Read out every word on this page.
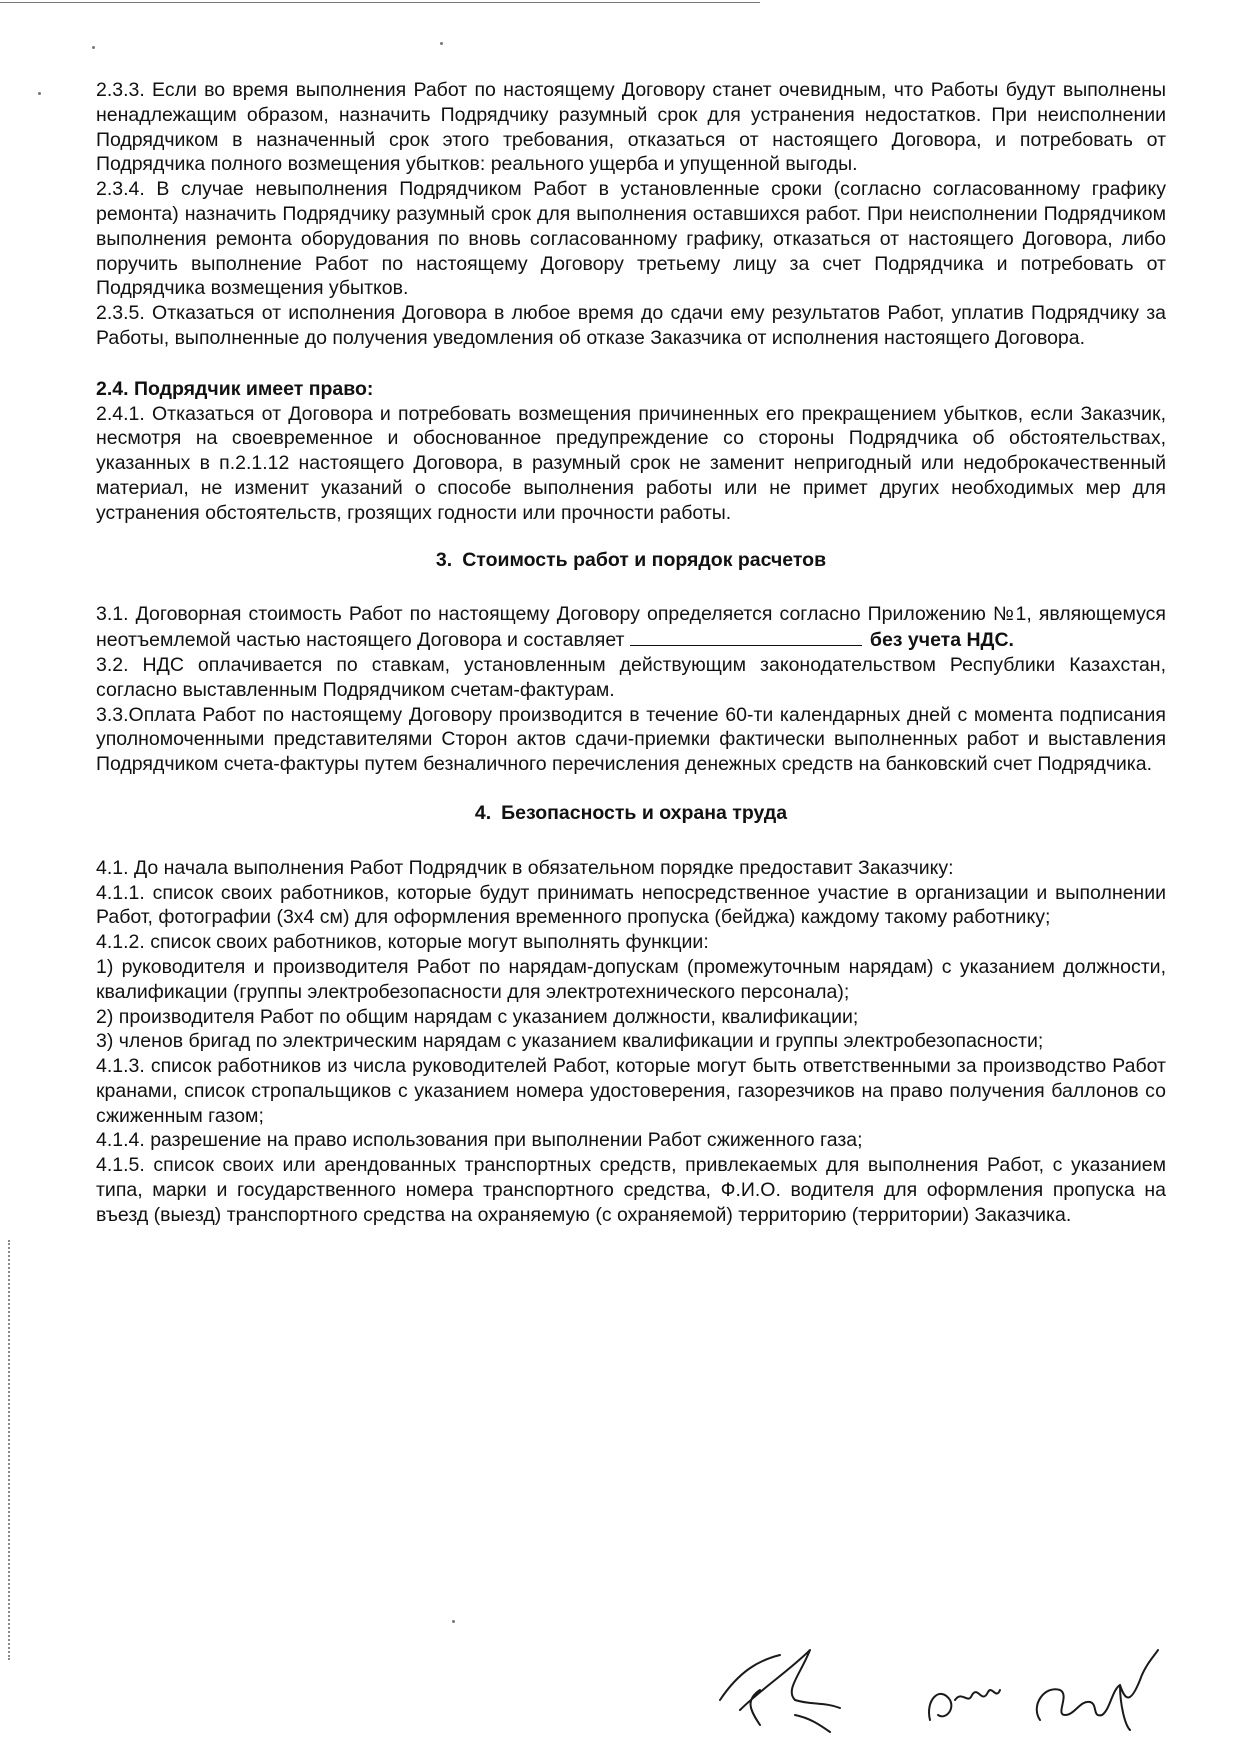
2.3.3. Если во время выполнения Работ по настоящему Договору станет очевидным, что Работы будут выполнены ненадлежащим образом, назначить Подрядчику разумный срок для устранения недостатков. При неисполнении Подрядчиком в назначенный срок этого требования, отказаться от настоящего Договора, и потребовать от Подрядчика полного возмещения убытков: реального ущерба и упущенной выгоды.

2.3.4. В случае невыполнения Подрядчиком Работ в установленные сроки (согласно согласованному графику ремонта) назначить Подрядчику разумный срок для выполнения оставшихся работ. При неисполнении Подрядчиком выполнения ремонта оборудования по вновь согласованному графику, отказаться от настоящего Договора, либо поручить выполнение Работ по настоящему Договору третьему лицу за счет Подрядчика и потребовать от Подрядчика возмещения убытков.

2.3.5. Отказаться от исполнения Договора в любое время до сдачи ему результатов Работ, уплатив Подрядчику за Работы, выполненные до получения уведомления об отказе Заказчика от исполнения настоящего Договора.

2.4. Подрядчик имеет право:

2.4.1. Отказаться от Договора и потребовать возмещения причиненных его прекращением убытков, если Заказчик, несмотря на своевременное и обоснованное предупреждение со стороны Подрядчика об обстоятельствах, указанных в п.2.1.12 настоящего Договора, в разумный срок не заменит непригодный или недоброкачественный материал, не изменит указаний о способе выполнения работы или не примет других необходимых мер для устранения обстоятельств, грозящих годности или прочности работы.

3. Стоимость работ и порядок расчетов

3.1. Договорная стоимость Работ по настоящему Договору определяется согласно Приложению №1, являющемуся неотъемлемой частью настоящего Договора и составляет	без учета НДС.

3.2. НДС оплачивается по ставкам, установленным действующим законодательством Республики Казахстан, согласно выставленным Подрядчиком счетам-фактурам.

3.3.Оплата Работ по настоящему Договору производится в течение 60-ти календарных дней с момента подписания уполномоченными представителями Сторон актов сдачи-приемки фактически выполненных работ и выставления Подрядчиком счета-фактуры путем безналичного перечисления денежных средств на банковский счет Подрядчика.

4. Безопасность и охрана труда

4.1. До начала выполнения Работ Подрядчик в обязательном порядке предоставит Заказчику:

4.1.1. список своих работников, которые будут принимать непосредственное участие в организации и выполнении Работ, фотографии (3х4 см) для оформления временного пропуска (бейджа) каждому такому работнику;

4.1.2. список своих работников, которые могут выполнять функции:

1) руководителя и производителя Работ по нарядам-допускам (промежуточным нарядам) с указанием должности, квалификации (группы электробезопасности для электротехнического персонала);

2) производителя Работ по общим нарядам с указанием должности, квалификации;

3) членов бригад по электрическим нарядам с указанием квалификации и группы электробезопасности;

4.1.3. список работников из числа руководителей Работ, которые могут быть ответственными за производство Работ кранами, список стропальщиков с указанием номера удостоверения, газорезчиков на право получения баллонов со сжиженным газом;

4.1.4. разрешение на право использования при выполнении Работ сжиженного газа;

4.1.5. список своих или арендованных транспортных средств, привлекаемых для выполнения Работ, с указанием типа, марки и государственного номера транспортного средства, Ф.И.О. водителя для оформления пропуска на въезд (выезд) транспортного средства на охраняемую (с охраняемой) территорию (территории) Заказчика.
